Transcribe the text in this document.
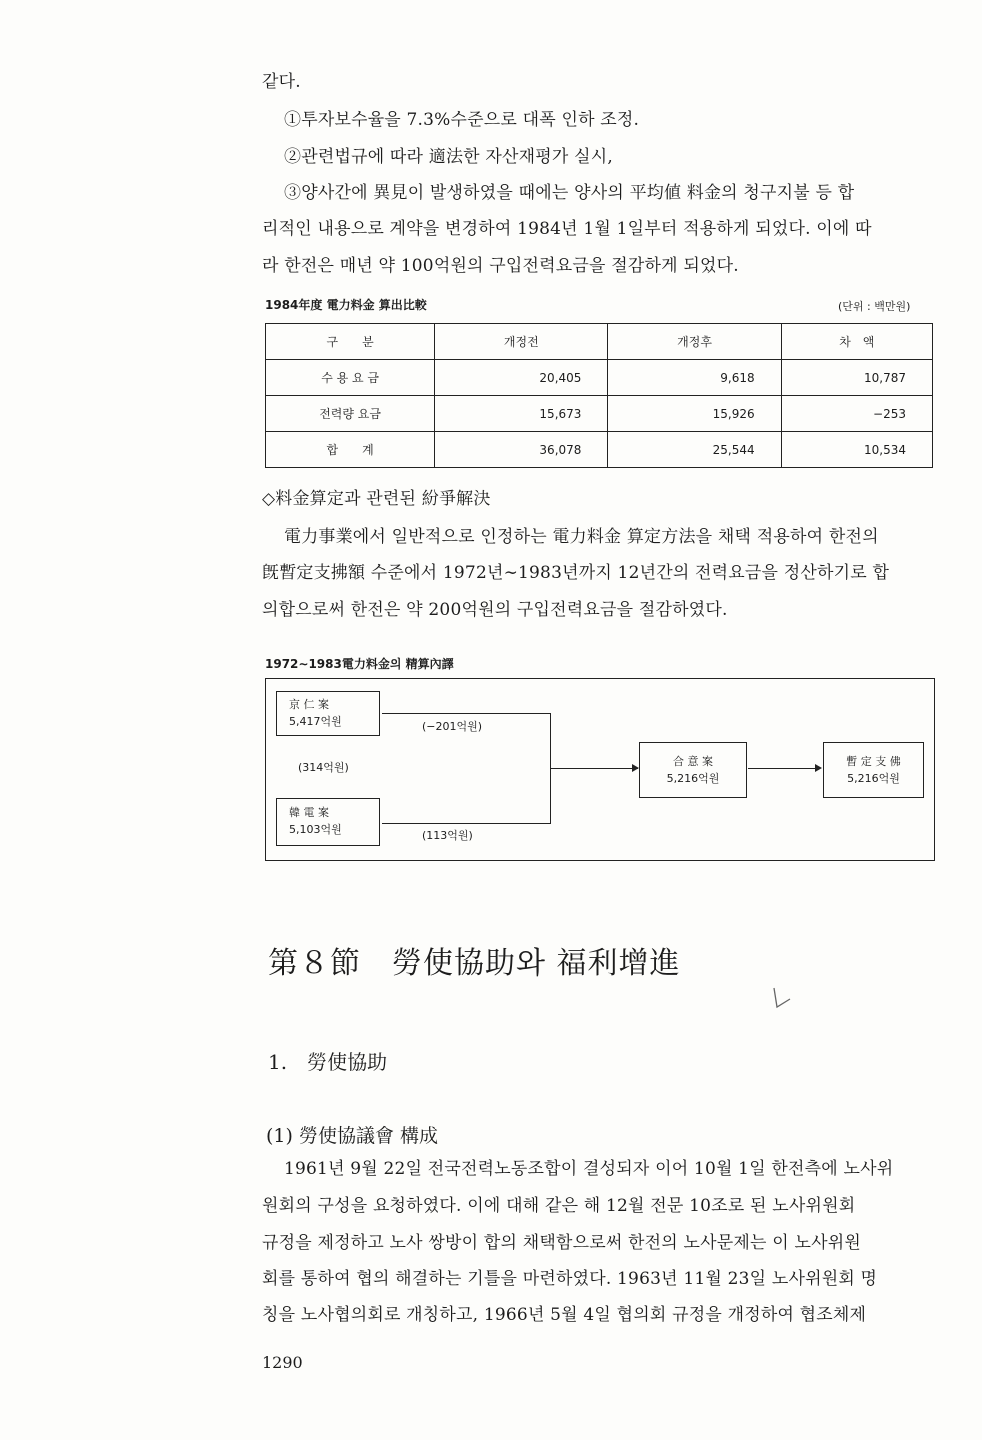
같다.
①투자보수율을 7.3%수준으로 대폭 인하 조정.
②관련법규에 따라 適法한 자산재평가 실시,
③양사간에 異見이 발생하였을 때에는 양사의 平均値 料金의 청구지불 등 합
리적인 내용으로 계약을 변경하여 1984년 1월 1일부터 적용하게 되었다. 이에 따
라 한전은 매년 약 100억원의 구입전력요금을 절감하게 되었다.
1984年度 電力料金 算出比較	(단위 : 백만원)
구　　분	개정전	개정후	차　액
수 용 요 금	20,405	9,618	10,787
전력량 요금	15,673	15,926	−253
합　　계	36,078	25,544	10,534
◇料金算定과 관련된 紛爭解決
電力事業에서 일반적으로 인정하는 電力料金 算定方法을 채택 적용하여 한전의
旣暫定支拂額 수준에서 1972년∼1983년까지 12년간의 전력요금을 정산하기로 합
의합으로써 한전은 약 200억원의 구입전력요금을 절감하였다.
1972∼1983電力料金의 精算內譯
京 仁 案
5,417억원
韓 電 案
5,103억원
合 意 案
5,216억원
暫 定 支 佛
5,216억원
(314억원)
(−201억원)
(113억원)
第８節　勞使協助와 福利增進
1.　勞使協助
(1) 勞使協議會 構成
1961년 9월 22일 전국전력노동조합이 결성되자 이어 10월 1일 한전측에 노사위
원회의 구성을 요청하였다. 이에 대해 같은 해 12월 전문 10조로 된 노사위원회
규정을 제정하고 노사 쌍방이 합의 채택함으로써 한전의 노사문제는 이 노사위원
회를 통하여 협의 해결하는 기틀을 마련하였다. 1963년 11월 23일 노사위원회 명
칭을 노사협의회로 개칭하고, 1966년 5월 4일 협의회 규정을 개정하여 협조체제
1290
